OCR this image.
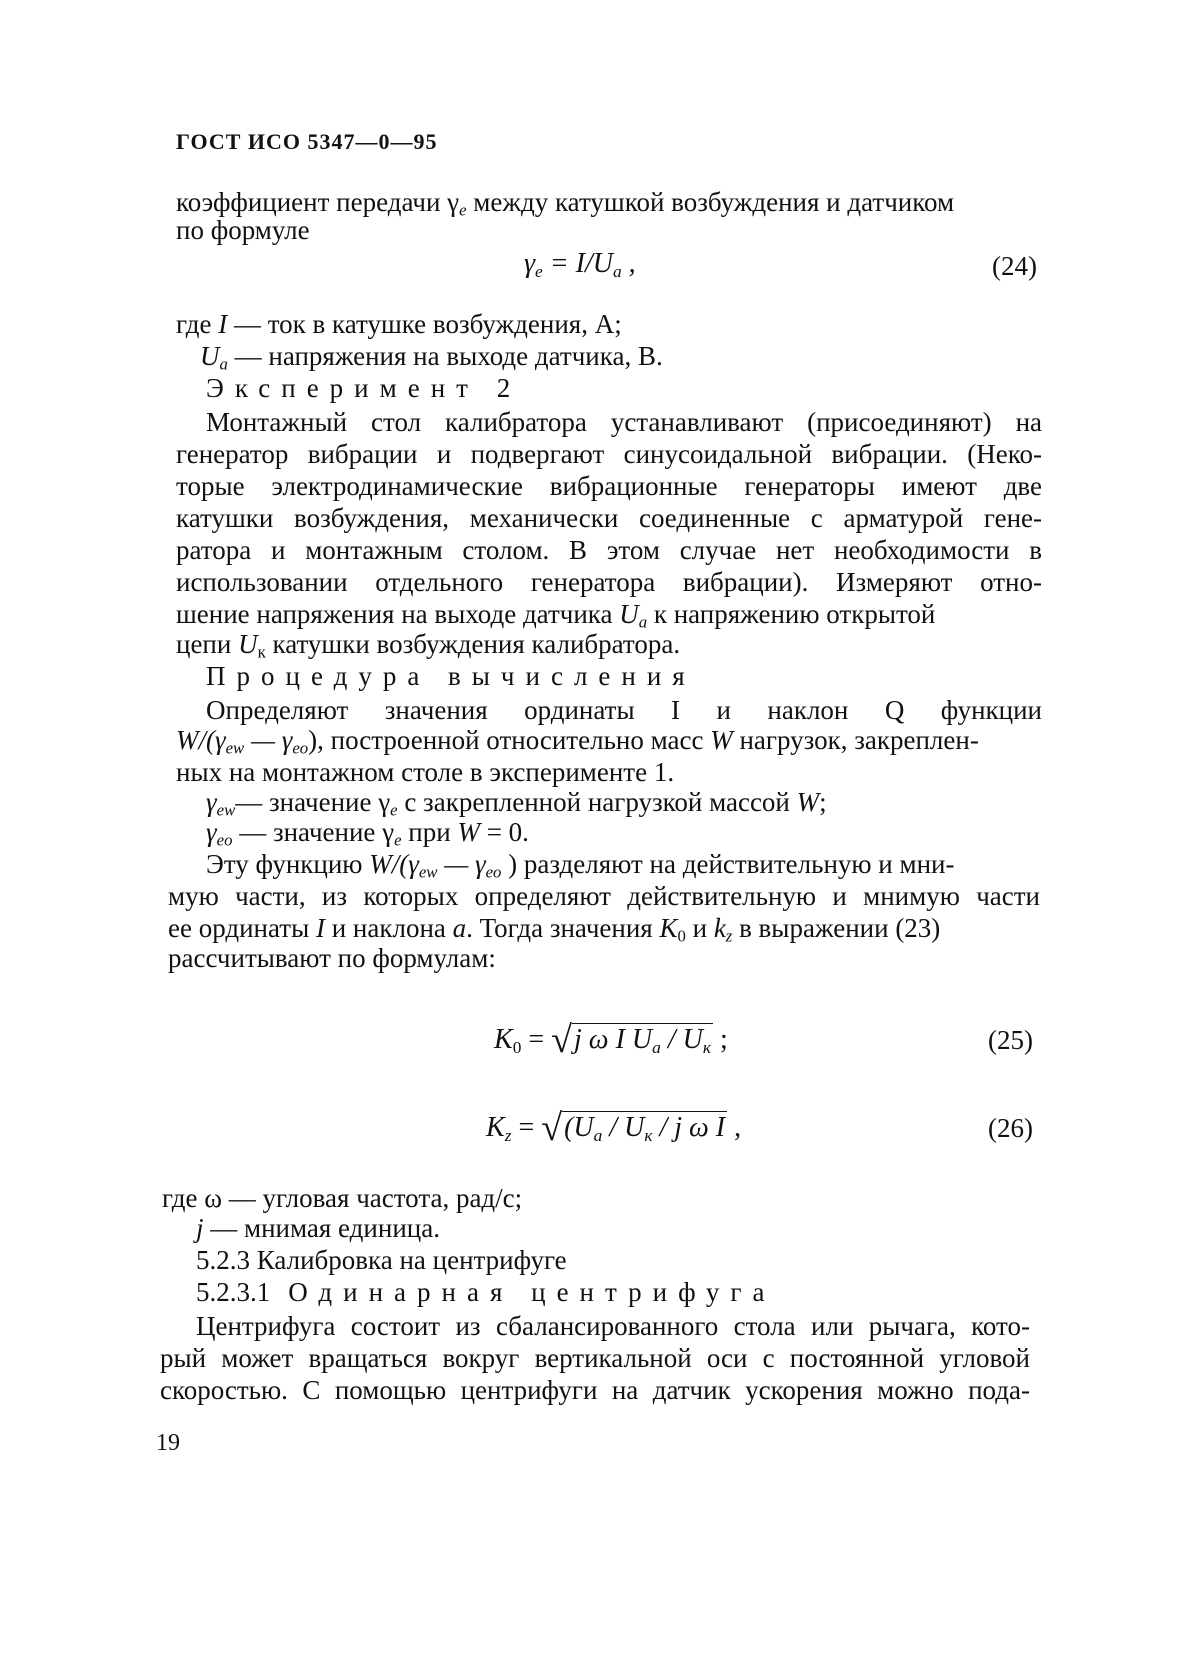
ГОСТ ИСО 5347—0—95
коэффициент передачи $\gamma_e$ между катушкой возбуждения и датчиком
по формуле
$\gamma_e = I/U_a$ ,	(24)
где I — ток в катушке возбуждения, А;
$U_a$ — напряжения на выходе датчика, В.
Эксперимент 2
Монтажный стол калибратора устанавливают (присоединяют) на
генератор вибрации и подвергают синусоидальной вибрации. (Неко-
торые электродинамические вибрационные генераторы имеют две
катушки возбуждения, механически соединенные с арматурой гене-
ратора и монтажным столом. В этом случае нет необходимости в
использовании отдельного генератора вибрации). Измеряют отно-
шение напряжения на выходе датчика $U_a$ к напряжению открытой
цепи $U_к$ катушки возбуждения калибратора.
Процедура вычисления
Определяют значения ординаты I и наклон Q функции
$W/(\gamma_{ew}$ — $\gamma_{eo}$), построенной относительно масс W нагрузок, закреплен-
ных на монтажном столе в эксперименте 1.
$\gamma_{ew}—$ значение $\gamma_e$ с закрепленной нагрузкой массой W;
$\gamma_{eo}$ — значение $\gamma_e$ при W = 0.
Эту функцию $W/(\gamma_{ew}$ — $\gamma_{eo}$ ) разделяют на действительную и мни-
мую части, из которых определяют действительную и мнимую части
ее ординаты I и наклона a. Тогда значения $K_0$ и $k_z$ в выражении (23)
рассчитывают по формулам:
$K_0 = √j$ ω I $U_a / U_к$ ;	(25)
$K_z = √(U_a / U_к / j$ ω I ,	(26)
где ω — угловая частота, рад/с;
j — мнимая единица.
5.2.3 Калибровка на центрифуге
5.2.3.1 Одинарная центрифуга
Центрифуга состоит из сбалансированного стола или рычага, кото-
рый может вращаться вокруг вертикальной оси с постоянной угловой
скоростью. С помощью центрифуги на датчик ускорения можно пода-
19
